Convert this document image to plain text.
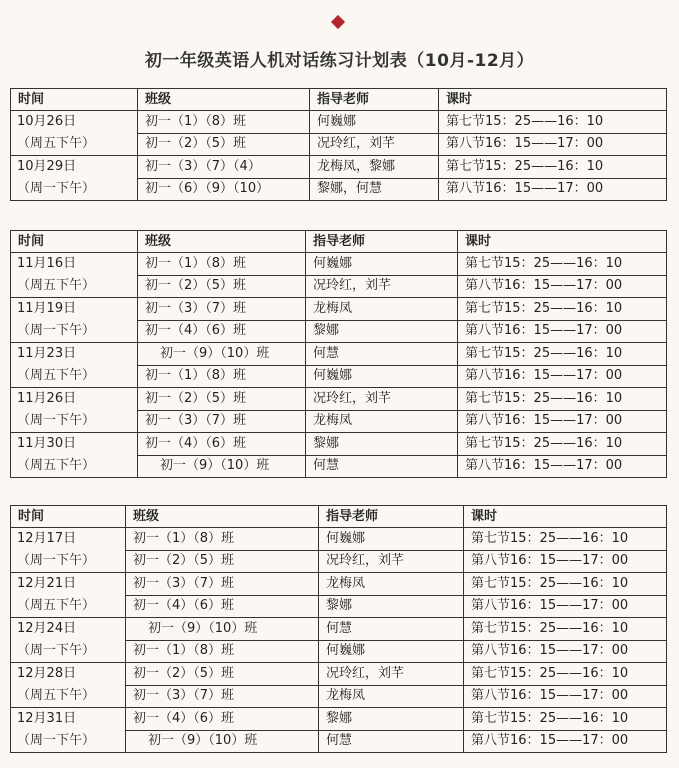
初一年级英语人机对话练习计划表（10月-12月）
时间	班级	指导老师	课时

10月26日
（周五下午）	初一（1）（8）班	何巍娜	第七节15：25——16：10
	初一（2）（5）班	况玲红，刘芊	第八节16：15——17：00

10月29日
（周一下午）	初一（3）（7）（4）	龙梅凤，黎娜	第七节15：25——16：10
	初一（6）（9）（10）	黎娜，何慧	第八节16：15——17：00
时间	班级	指导老师	课时

11月16日
（周五下午）	初一（1）（8）班	何巍娜	第七节15：25——16：10
	初一（2）（5）班	况玲红，刘芊	第八节16：15——17：00

11月19日
（周一下午）	初一（3）（7）班	龙梅凤	第七节15：25——16：10
	初一（4）（6）班	黎娜	第八节16：15——17：00

11月23日
（周五下午）	初一（9）（10）班	何慧	第七节15：25——16：10
	初一（1）（8）班	何巍娜	第八节16：15——17：00

11月26日
（周一下午）	初一（2）（5）班	况玲红，刘芊	第七节15：25——16：10
	初一（3）（7）班	龙梅凤	第八节16：15——17：00

11月30日
（周五下午）	初一（4）（6）班	黎娜	第七节15：25——16：10
	初一（9）（10）班	何慧	第八节16：15——17：00
时间	班级	指导老师	课时

12月17日
（周一下午）	初一（1）（8）班	何巍娜	第七节15：25——16：10
	初一（2）（5）班	况玲红，刘芊	第八节16：15——17：00

12月21日
（周五下午）	初一（3）（7）班	龙梅凤	第七节15：25——16：10
	初一（4）（6）班	黎娜	第八节16：15——17：00

12月24日
（周一下午）	初一（9）（10）班	何慧	第七节15：25——16：10
	初一（1）（8）班	何巍娜	第八节16：15——17：00

12月28日
（周五下午）	初一（2）（5）班	况玲红，刘芊	第七节15：25——16：10
	初一（3）（7）班	龙梅凤	第八节16：15——17：00

12月31日
（周一下午）	初一（4）（6）班	黎娜	第七节15：25——16：10
	初一（9）（10）班	何慧	第八节16：15——17：00
